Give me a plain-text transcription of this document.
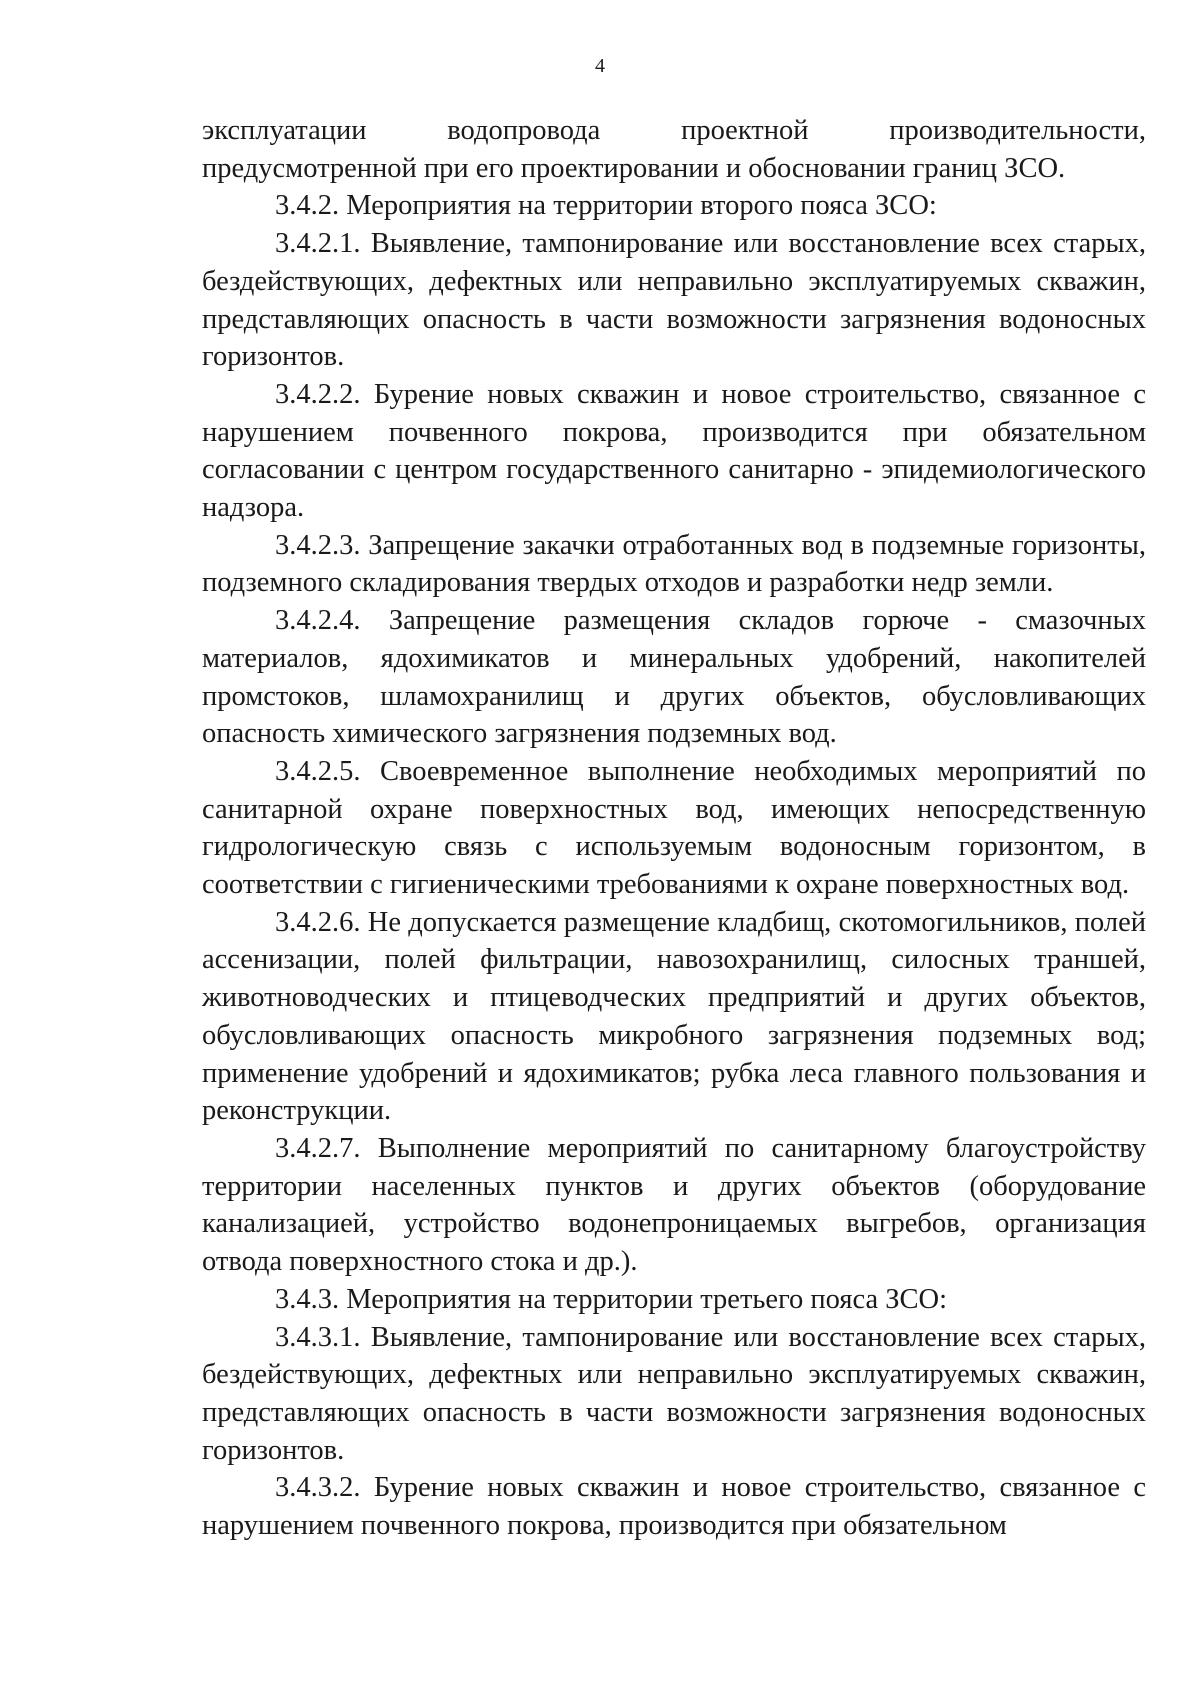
4

эксплуатации водопровода проектной производительности, предусмотренной при его проектировании и обосновании границ ЗСО.

3.4.2. Мероприятия на территории второго пояса ЗСО:

3.4.2.1. Выявление, тампонирование или восстановление всех старых, бездействующих, дефектных или неправильно эксплуатируемых скважин, представляющих опасность в части возможности загрязнения водоносных горизонтов.

3.4.2.2. Бурение новых скважин и новое строительство, связанное с нарушением почвенного покрова, производится при обязательном согласовании с центром государственного санитарно - эпидемиологического надзора.

3.4.2.3. Запрещение закачки отработанных вод в подземные горизонты, подземного складирования твердых отходов и разработки недр земли.

3.4.2.4. Запрещение размещения складов горюче - смазочных материалов, ядохимикатов и минеральных удобрений, накопителей промстоков, шламохранилищ и других объектов, обусловливающих опасность химического загрязнения подземных вод.

3.4.2.5. Своевременное выполнение необходимых мероприятий по санитарной охране поверхностных вод, имеющих непосредственную гидрологическую связь с используемым водоносным горизонтом, в соответствии с гигиеническими требованиями к охране поверхностных вод.

3.4.2.6. Не допускается размещение кладбищ, скотомогильников, полей ассенизации, полей фильтрации, навозохранилищ, силосных траншей, животноводческих и птицеводческих предприятий и других объектов, обусловливающих опасность микробного загрязнения подземных вод; применение удобрений и ядохимикатов; рубка леса главного пользования и реконструкции.

3.4.2.7. Выполнение мероприятий по санитарному благоустройству территории населенных пунктов и других объектов (оборудование канализацией, устройство водонепроницаемых выгребов, организация отвода поверхностного стока и др.).

3.4.3. Мероприятия на территории третьего пояса ЗСО:

3.4.3.1. Выявление, тампонирование или восстановление всех старых, бездействующих, дефектных или неправильно эксплуатируемых скважин, представляющих опасность в части возможности загрязнения водоносных горизонтов.

3.4.3.2. Бурение новых скважин и новое строительство, связанное с нарушением почвенного покрова, производится при обязательном
